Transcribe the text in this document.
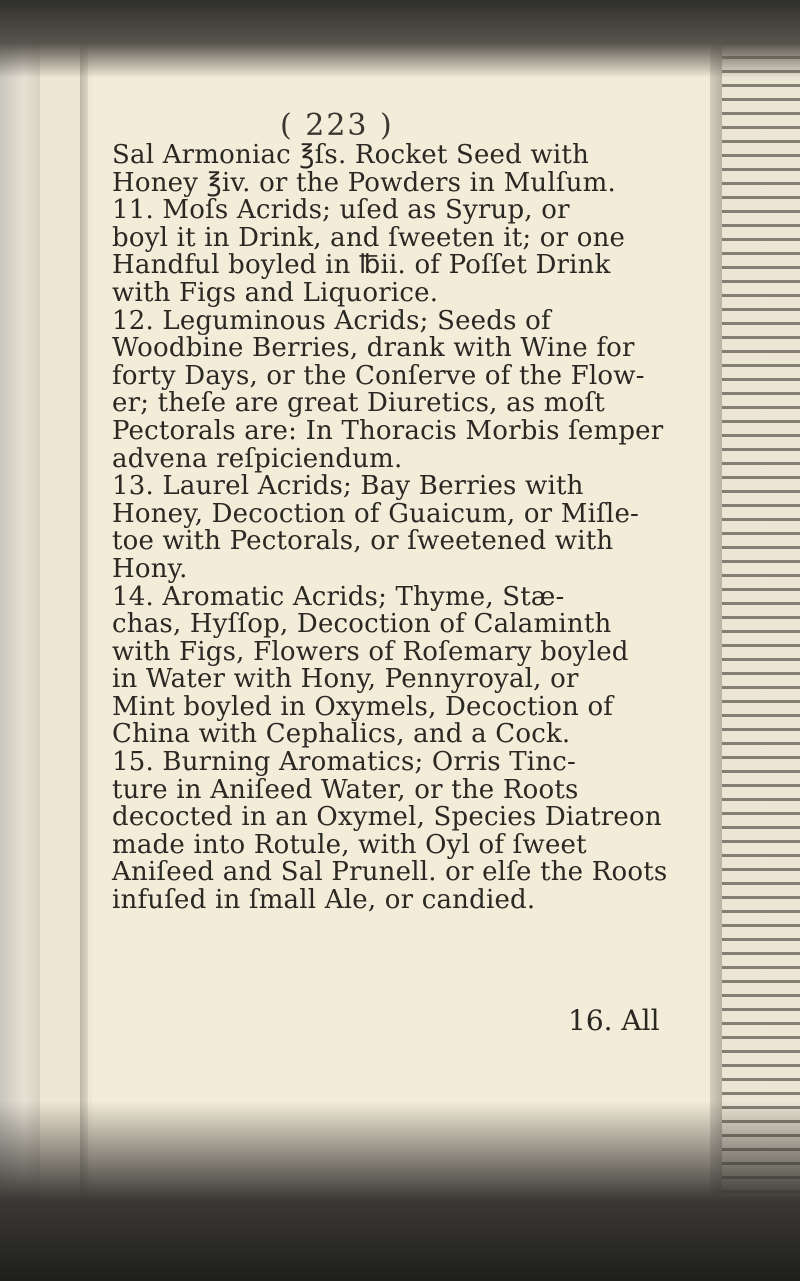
( 223 )
Sal Armoniac ℥ſs. Rocket Seed with
Honey ℥iv. or the Powders in Mulſum.
11. Moſs Acrids; uſed as Syrup, or
boyl it in Drink, and ſweeten it; or one
Handful boyled in ℔ii. of Poſſet Drink
with Figs and Liquorice.
12. Leguminous Acrids; Seeds of
Woodbine Berries, drank with Wine for
forty Days, or the Conſerve of the Flow-
er; theſe are great Diuretics, as moſt
Pectorals are: In Thoracis Morbis ſemper
advena reſpiciendum.
13. Laurel Acrids; Bay Berries with
Honey, Decoction of Guaicum, or Miſle-
toe with Pectorals, or ſweetened with
Hony.
14. Aromatic Acrids; Thyme, Stæ-
chas, Hyſſop, Decoction of Calaminth
with Figs, Flowers of Roſemary boyled
in Water with Hony, Pennyroyal, or
Mint boyled in Oxymels, Decoction of
China with Cephalics, and a Cock.
15. Burning Aromatics; Orris Tinc-
ture in Aniſeed Water, or the Roots
decocted in an Oxymel, Species Diatreon
made into Rotule, with Oyl of ſweet
Aniſeed and Sal Prunell. or elſe the Roots
infuſed in ſmall Ale, or candied.
16. All
